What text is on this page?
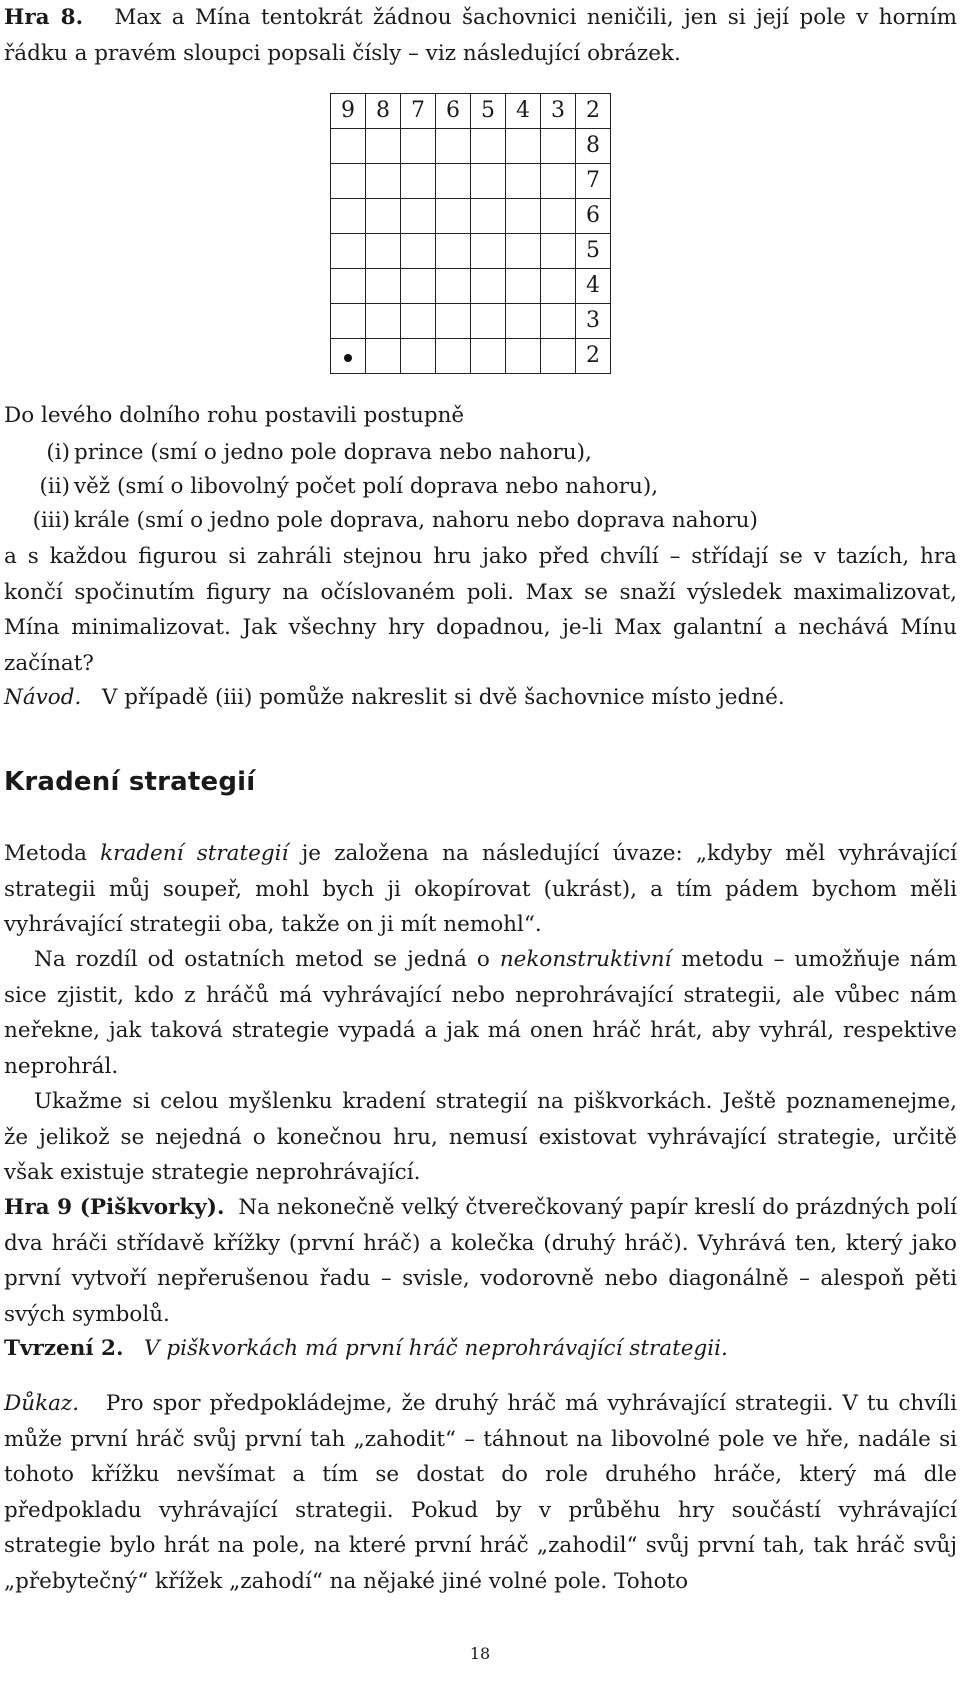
Hra 8. Max a Mína tentokrát žádnou šachovnici neničili, jen si její pole v horním řádku a pravém sloupci popsali čísly – viz následující obrázek.

9	8	7	6	5	4	3	2
							8
							7
							6
							5
							4
							3
							2

Do levého dolního rohu postavili postupně

(i) prince (smí o jedno pole doprava nebo nahoru),
(ii) věž (smí o libovolný počet polí doprava nebo nahoru),
(iii) krále (smí o jedno pole doprava, nahoru nebo doprava nahoru)

a s každou figurou si zahráli stejnou hru jako před chvílí – střídají se v tazích, hra končí spočinutím figury na očíslovaném poli. Max se snaží výsledek maximalizovat, Mína minimalizovat. Jak všechny hry dopadnou, je-li Max galantní a nechává Mínu začínat?

Návod. V případě (iii) pomůže nakreslit si dvě šachovnice místo jedné.

Kradení strategií

Metoda kradení strategií je založena na následující úvaze: „kdyby měl vyhrávající strategii můj soupeř, mohl bych ji okopírovat (ukrást), a tím pádem bychom měli vyhrávající strategii oba, takže on ji mít nemohl“.

Na rozdíl od ostatních metod se jedná o nekonstruktivní metodu – umožňuje nám sice zjistit, kdo z hráčů má vyhrávající nebo neprohrávající strategii, ale vůbec nám neřekne, jak taková strategie vypadá a jak má onen hráč hrát, aby vyhrál, respektive neprohrál.

Ukažme si celou myšlenku kradení strategií na piškvorkách. Ještě poznamenejme, že jelikož se nejedná o konečnou hru, nemusí existovat vyhrávající strategie, určitě však existuje strategie neprohrávající.

Hra 9 (Piškvorky). Na nekonečně velký čtverečkovaný papír kreslí do prázdných polí dva hráči střídavě křížky (první hráč) a kolečka (druhý hráč). Vyhrává ten, který jako první vytvoří nepřerušenou řadu – svisle, vodorovně nebo diagonálně – alespoň pěti svých symbolů.

Tvrzení 2. V piškvorkách má první hráč neprohrávající strategii.

Důkaz. Pro spor předpokládejme, že druhý hráč má vyhrávající strategii. V tu chvíli může první hráč svůj první tah „zahodit“ – táhnout na libovolné pole ve hře, nadále si tohoto křížku nevšímat a tím se dostat do role druhého hráče, který má dle předpokladu vyhrávající strategii. Pokud by v průběhu hry součástí vyhrávající strategie bylo hrát na pole, na které první hráč „zahodil“ svůj první tah, tak hráč svůj „přebytečný“ křížek „zahodí“ na nějaké jiné volné pole. Tohoto

18
